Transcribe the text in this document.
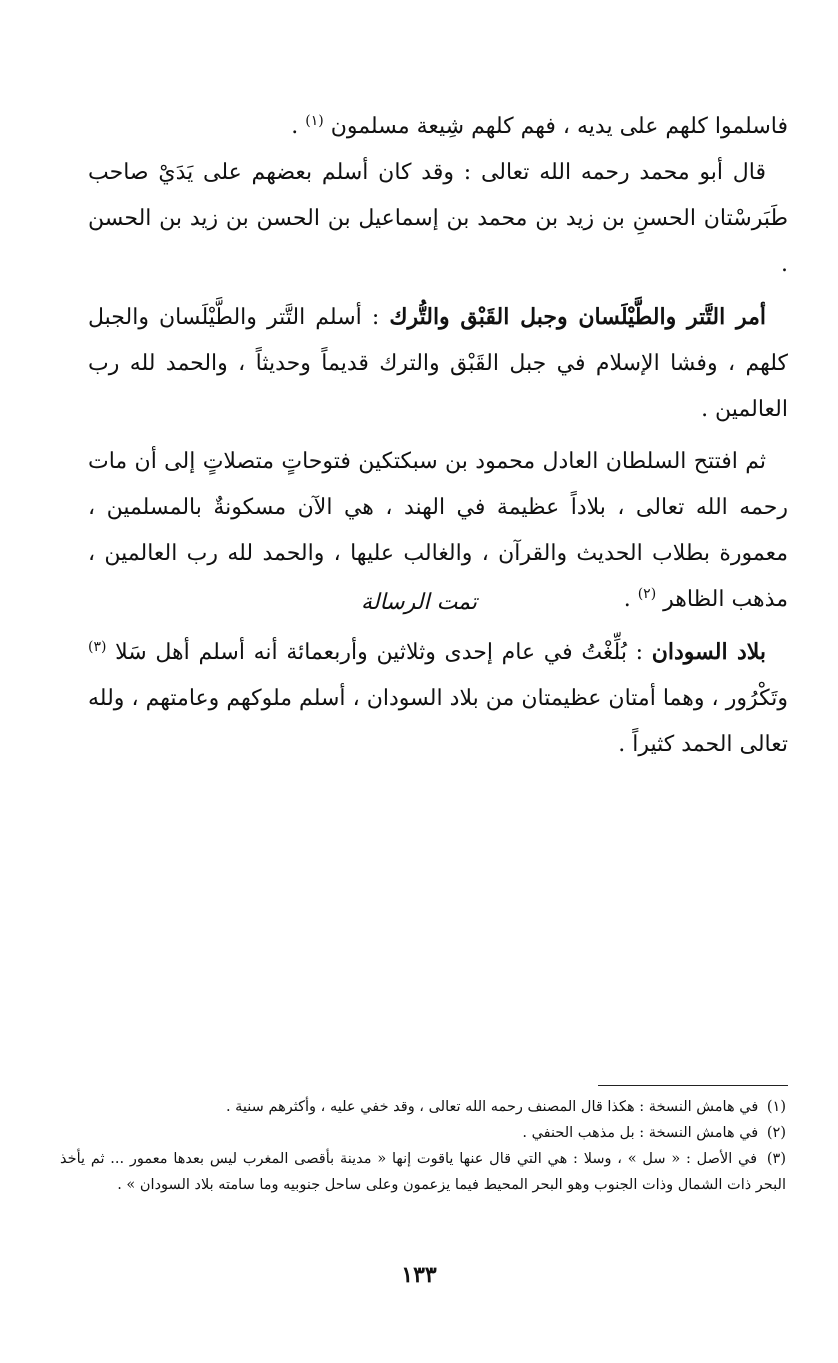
فاسلموا كلهم على يديه ، فهم كلهم شِيعة مسلمون $^{(١)}$ .

قال أبو محمد رحمه الله تعالى : وقد كان أسلم بعضهم على يَدَيْ صاحب طَبَرسْتان الحسنِ بن زيد بن محمد بن إسماعيل بن الحسن بن زيد بن الحسن .

أمر التَّتر والطَّيْلَسان وجبل القَبْق والتُّرك : أسلم التَّتر والطَّيْلَسان والجبل كلهم ، وفشا الإسلام في جبل القَبْق والترك قديماً وحديثاً ، والحمد لله رب العالمين .

ثم افتتح السلطان العادل محمود بن سبكتكين فتوحاتٍ متصلاتٍ إلى أن مات رحمه الله تعالى ، بلاداً عظيمة في الهند ، هي الآن مسكونةٌ بالمسلمين ، معمورة بطلاب الحديث والقرآن ، والغالب عليها ، والحمد لله رب العالمين ، مذهب الظاهر $^{(٢)}$ .

بلاد السودان : بُلِّغْتُ في عام إحدى وثلاثين وأربعمائة أنه أسلم أهل سَلا $^{(٣)}$ وتَكْرُور ، وهما أمتان عظيمتان من بلاد السودان ، أسلم ملوكهم وعامتهم ، ولله تعالى الحمد كثيراً .

تمت الرسالة

(١) في هامش النسخة : هكذا قال المصنف رحمه الله تعالى ، وقد خفي عليه ، وأكثرهم سنية .

(٢) في هامش النسخة : بل مذهب الحنفي .

(٣) في الأصل : « سل » ، وسلا : هي التي قال عنها ياقوت إنها « مدينة بأقصى المغرب ليس بعدها معمور ... ثم يأخذ البحر ذات الشمال وذات الجنوب وهو البحر المحيط فيما يزعمون وعلى ساحل جنوبيه وما سامته بلاد السودان » .

١٣٣
